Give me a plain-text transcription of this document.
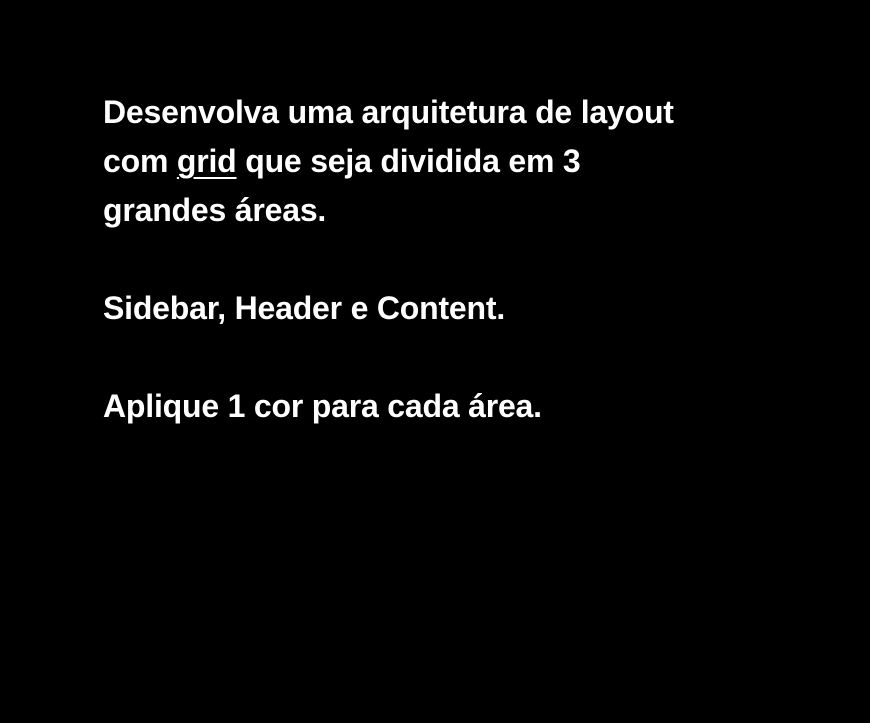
Desenvolva uma arquitetura de layout
com grid que seja dividida em 3
grandes áreas.

Sidebar, Header e Content.

Aplique 1 cor para cada área.
